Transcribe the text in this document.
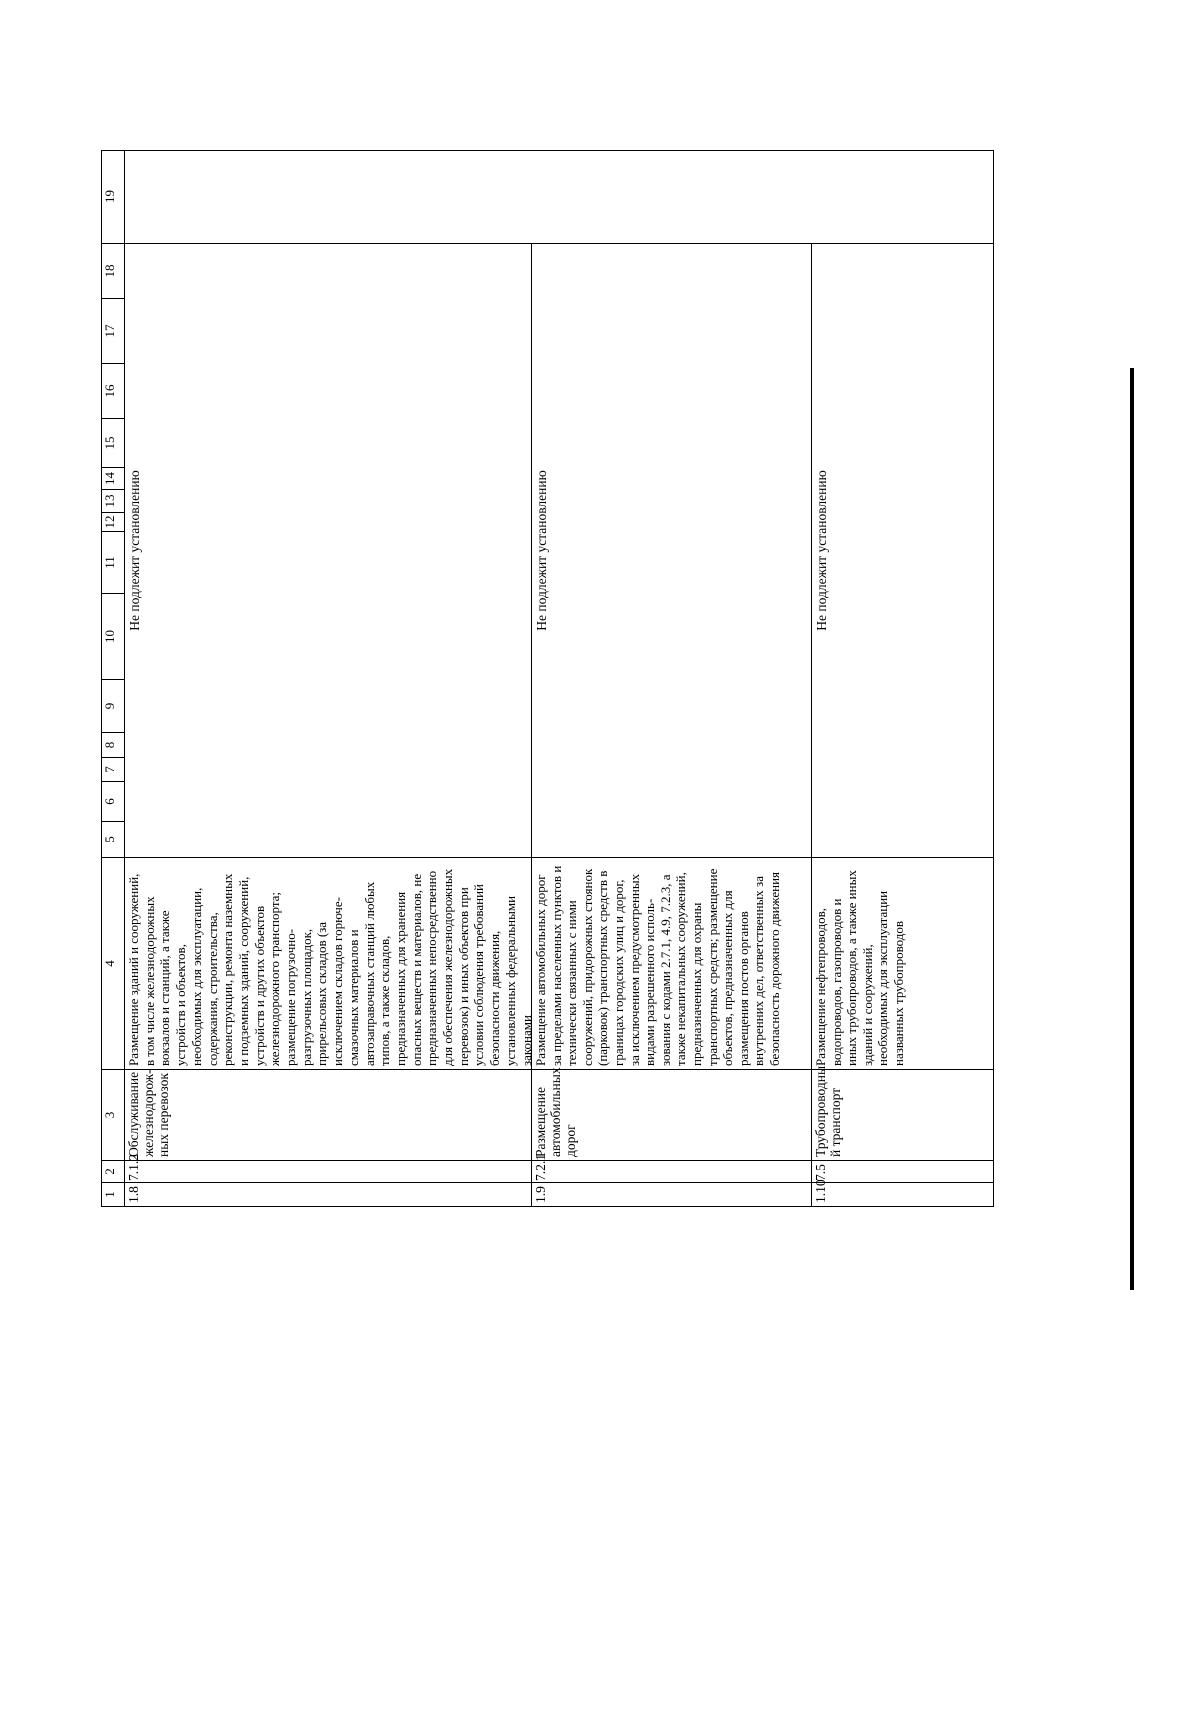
1
2
3
4
5
6
7
8
9
10
11
12
13
14
15
16
17
18
19
1.8
7.1.2
Обслуживание
железнодорож-
ных перевозок
Размещение зданий и сооружений,
в том числе железнодорожных
вокзалов и станций, а также
устройств и объектов,
необходимых для эксплуатации,
содержания, строительства,
реконструкции, ремонта наземных
и подземных зданий, сооружений,
устройств и других объектов
железнодорожного транспорта;
размещение погрузочно-
разгрузочных площадок,
прирельсовых складов (за
исключением складов горюче-
смазочных материалов и
автозаправочных станций любых
типов, а также складов,
предназначенных для хранения
опасных веществ и материалов, не
предназначенных непосредственно
для обеспечения железнодорожных
перевозок) и иных объектов при
условии соблюдения требований
безопасности движения,
установленных федеральными
законами
Не подлежит установлению
1.9
7.2.1
Размещение
автомобильных
дорог
Размещение автомобильных дорог
за пределами населенных пунктов и
технически связанных с ними
сооружений, придорожных стоянок
(парковок) транспортных средств в
границах городских улиц и дорог,
за исключением предусмотренных
видами разрешенного исполь-
зования с кодами 2.7.1, 4.9, 7.2.3, а
также некапитальных сооружений,
предназначенных для охраны
транспортных средств; размещение
объектов, предназначенных для
размещения постов органов
внутренних дел, ответственных за
безопасность дорожного движения
Не подлежит установлению
1.10
7.5
Трубопроводны
й транспорт
Размещение нефтепроводов,
водопроводов, газопроводов и
иных трубопроводов, а также иных
зданий и сооружений,
необходимых для эксплуатации
названных трубопроводов
Не подлежит установлению
